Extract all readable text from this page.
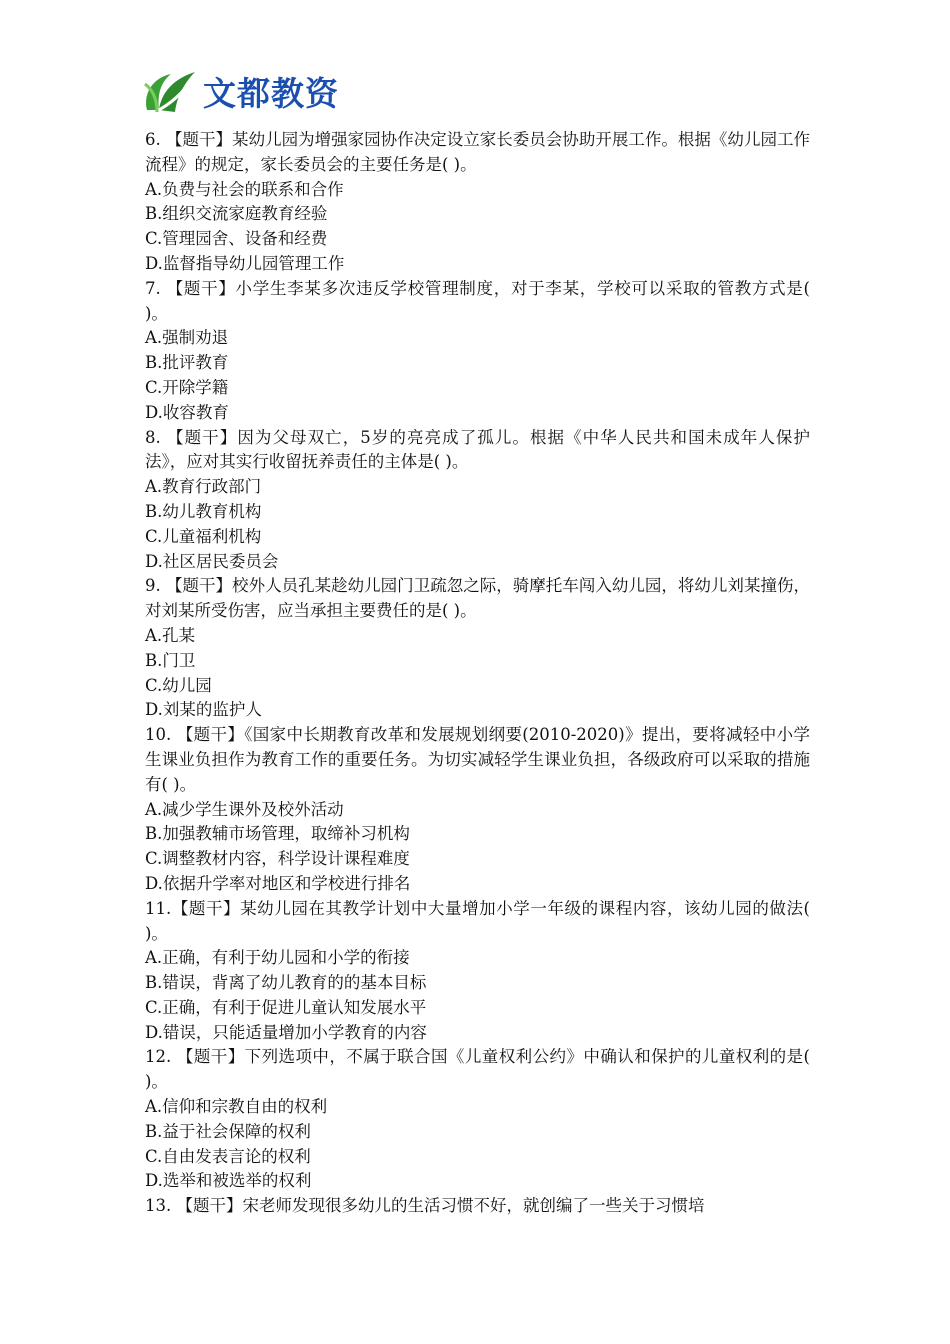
文都教资

6. 【题干】某幼儿园为增强家园协作决定设立家长委员会协助开展工作。根据《幼儿园工作流程》的规定，家长委员会的主要任务是( )。

A.负费与社会的联系和合作

B.组织交流家庭教育经验

C.管理园舍、设备和经费

D.监督指导幼儿园管理工作

7. 【题干】小学生李某多次违反学校管理制度，对于李某，学校可以采取的管教方式是( )。

A.强制劝退

B.批评教育

C.开除学籍

D.收容教育

8. 【题干】因为父母双亡，5岁的亮亮成了孤儿。根据《中华人民共和国未成年人保护法》，应对其实行收留抚养责任的主体是( )。

A.教育行政部门

B.幼儿教育机构

C.儿童福利机构

D.社区居民委员会

9. 【题干】校外人员孔某趁幼儿园门卫疏忽之际，骑摩托车闯入幼儿园，将幼儿刘某撞伤，对刘某所受伤害，应当承担主要费任的是( )。

A.孔某

B.门卫

C.幼儿园

D.刘某的监护人

10. 【题干】《国家中长期教育改革和发展规划纲要(2010-2020)》提出，要将减轻中小学生课业负担作为教育工作的重要任务。为切实减轻学生课业负担，各级政府可以采取的措施有( )。

A.减少学生课外及校外活动

B.加强教辅市场管理，取缔补习机构

C.调整教材内容，科学设计课程难度

D.依据升学率对地区和学校进行排名

11.【题干】某幼儿园在其教学计划中大量增加小学一年级的课程内容，该幼儿园的做法( )。

A.正确，有利于幼儿园和小学的衔接

B.错误，背离了幼儿教育的的基本目标

C.正确，有利于促进儿童认知发展水平

D.错误，只能适量增加小学教育的内容

12. 【题干】下列选项中，不属于联合国《儿童权利公约》中确认和保护的儿童权利的是( )。

A.信仰和宗教自由的权利

B.益于社会保障的权利

C.自由发表言论的权利

D.选举和被选举的权利

13. 【题干】宋老师发现很多幼儿的生活习惯不好，就创编了一些关于习惯培
